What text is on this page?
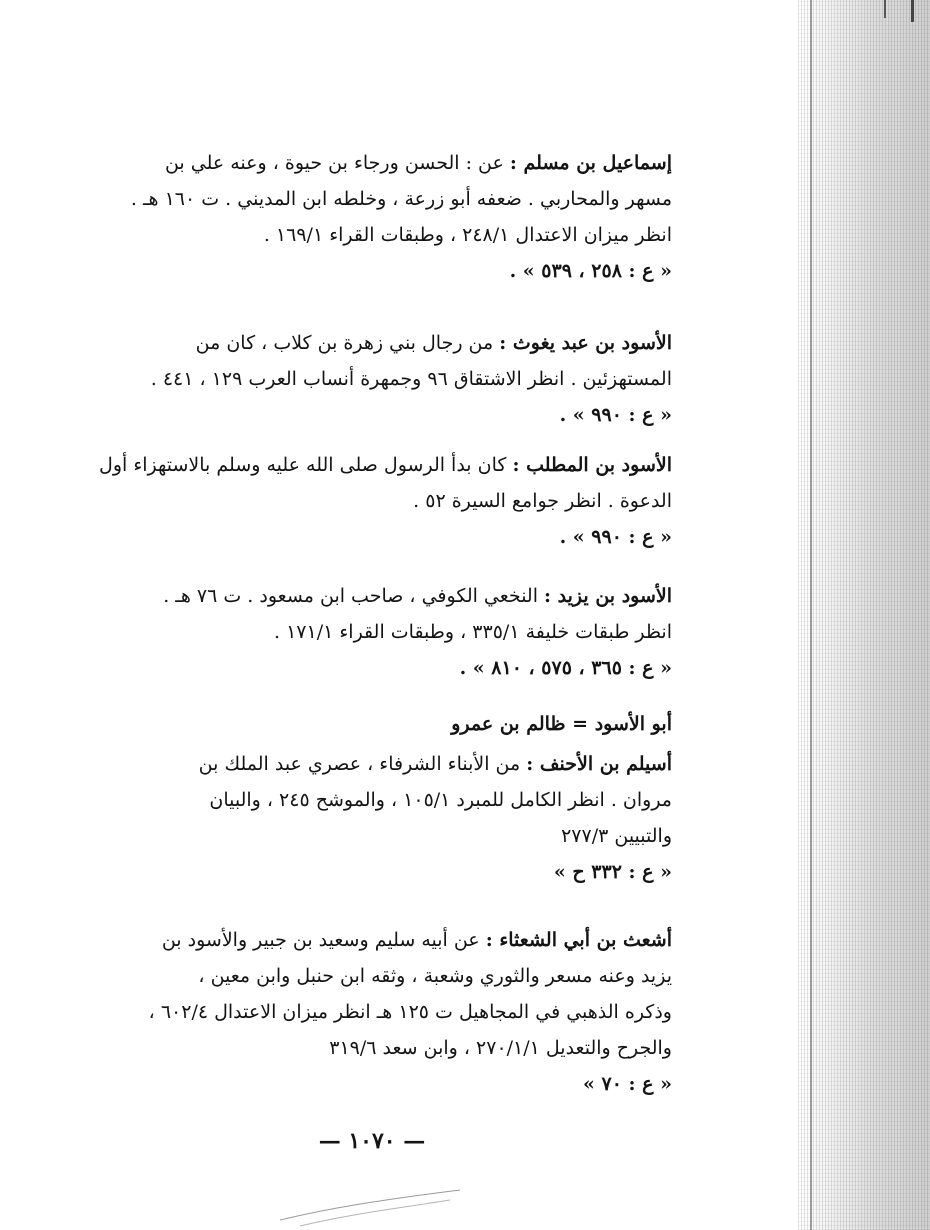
إسماعيل بن مسلم : عن : الحسن ورجاء بن حيوة ، وعنه علي بن

مسهر والمحاربي . ضعفه أبو زرعة ، وخلطه ابن المديني . ت ١٦٠ هـ .

انظر ميزان الاعتدال ٢٤٨/١ ، وطبقات القراء ١٦٩/١ .

« ع : ٢٥٨ ، ٥٣٩ » .

الأسود بن عبد يغوث : من رجال بني زهرة بن كلاب ، كان من

المستهزئين . انظر الاشتقاق ٩٦ وجمهرة أنساب العرب ١٢٩ ، ٤٤١ .

« ع : ٩٩٠ » .

الأسود بن المطلب : كان بدأ الرسول صلى الله عليه وسلم بالاستهزاء أول

الدعوة . انظر جوامع السيرة ٥٢ .

« ع : ٩٩٠ » .

الأسود بن يزيد : النخعي الكوفي ، صاحب ابن مسعود . ت ٧٦ هـ .

انظر طبقات خليفة ٣٣٥/١ ، وطبقات القراء ١٧١/١ .

« ع : ٣٦٥ ، ٥٧٥ ، ٨١٠ » .

أبو الأسود = ظالم بن عمرو

أسيلم بن الأحنف : من الأبناء الشرفاء ، عصري عبد الملك بن

مروان . انظر الكامل للمبرد ١٠٥/١ ، والموشح ٢٤٥ ، والبيان

والتبيين ٢٧٧/٣

« ع : ٣٣٢ ح »

أشعث بن أبي الشعثاء : عن أبيه سليم وسعيد بن جبير والأسود بن

يزيد وعنه مسعر والثوري وشعبة ، وثقه ابن حنبل وابن معين ،

وذكره الذهبي في المجاهيل ت ١٢٥ هـ انظر ميزان الاعتدال ٦٠٢/٤ ،

والجرح والتعديل ٢٧٠/١/١ ، وابن سعد ٣١٩/٦

« ع : ٧٠ »

— ١٠٧٠ —
